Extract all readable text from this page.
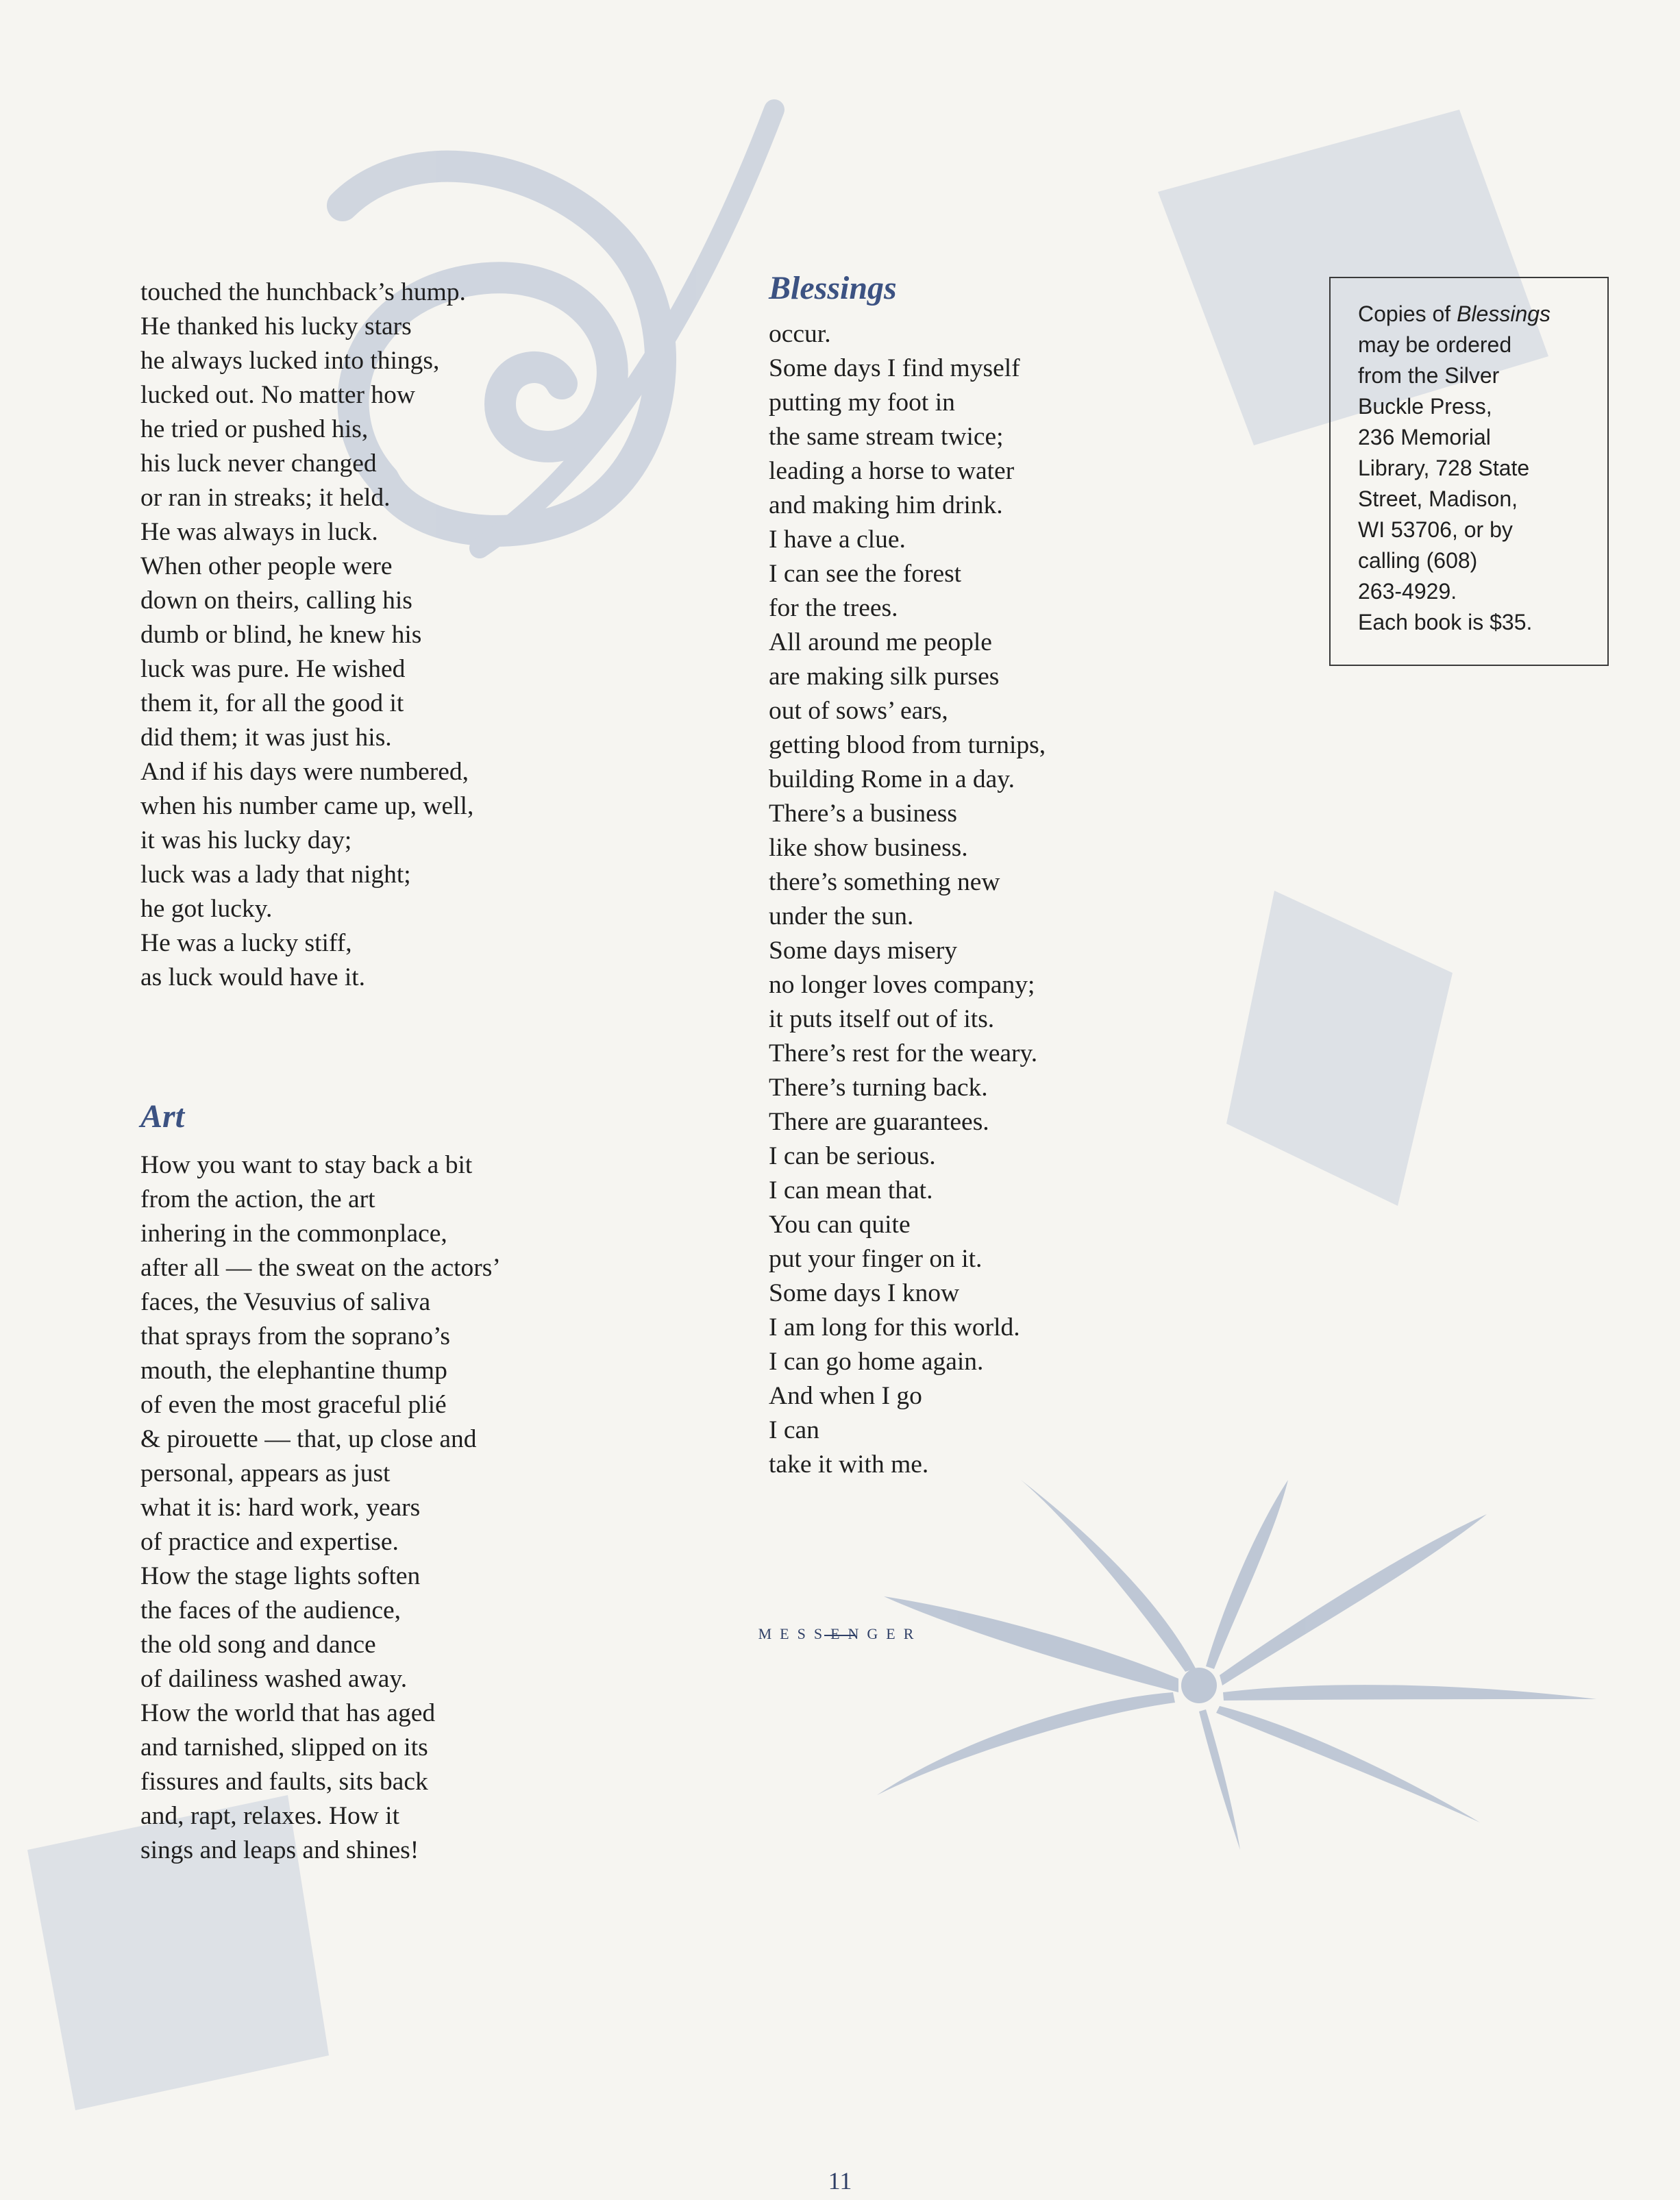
touched the hunchback’s hump.
He thanked his lucky stars
he always lucked into things,
lucked out. No matter how
he tried or pushed his,
his luck never changed
or ran in streaks; it held.
He was always in luck.
When other people were
down on theirs, calling his
dumb or blind, he knew his
luck was pure. He wished
them it, for all the good it
did them; it was just his.
And if his days were numbered,
when his number came up, well,
it was his lucky day;
luck was a lady that night;
he got lucky.
He was a lucky stiff,
as luck would have it.

Art

How you want to stay back a bit
from the action, the art
inhering in the commonplace,
after all — the sweat on the actors’
faces, the Vesuvius of saliva
that sprays from the soprano’s
mouth, the elephantine thump
of even the most graceful plié
& pirouette — that, up close and
personal, appears as just
what it is: hard work, years
of practice and expertise.

How the stage lights soften
the faces of the audience,
the old song and dance
of dailiness washed away.
How the world that has aged
and tarnished, slipped on its
fissures and faults, sits back
and, rapt, relaxes. How it
sings and leaps and shines!

Blessings

occur.
Some days I find myself
putting my foot in
the same stream twice;
leading a horse to water
and making him drink.
I have a clue.
I can see the forest
for the trees.

All around me people
are making silk purses
out of sows’ ears,
getting blood from turnips,
building Rome in a day.
There’s a business
like show business.
there’s something new
under the sun.

Some days misery
no longer loves company;
it puts itself out of its.
There’s rest for the weary.
There’s turning back.
There are guarantees.
I can be serious.
I can mean that.
You can quite
put your finger on it.

Some days I know
I am long for this world.
I can go home again.
And when I go
I can
take it with me.

Copies of Blessings
may be ordered
from the Silver
Buckle Press,
236 Memorial
Library, 728 State
Street, Madison,
WI 53706, or by
calling (608)
263-4929.
Each book is $35.
MESSENGER
11
